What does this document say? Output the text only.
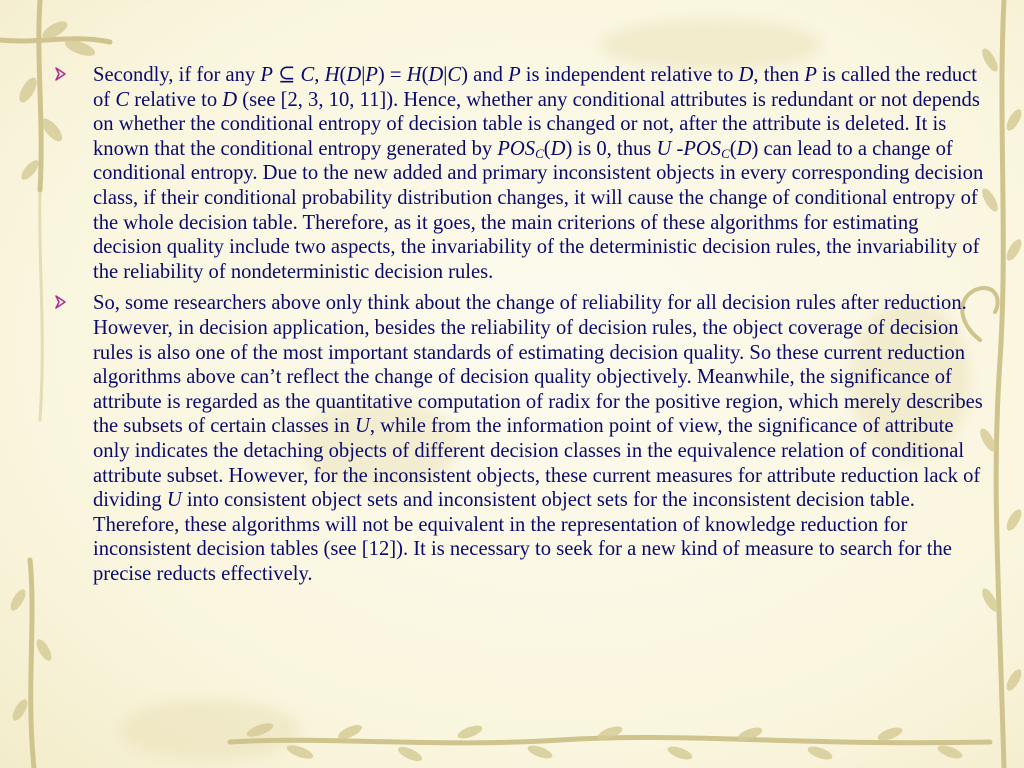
Secondly, if for any P ⊆ C, H(D|P) = H(D|C) and P is independent relative to D, then P is called the reduct of C relative to D (see [2, 3, 10, 11]). Hence, whether any conditional attributes is redundant or not depends on whether the conditional entropy of decision table is changed or not, after the attribute is deleted. It is known that the conditional entropy generated by $POS_C(D)$ is 0, thus U $-POS_C(D)$ can lead to a change of conditional entropy. Due to the new added and primary inconsistent objects in every corresponding decision class, if their conditional probability distribution changes, it will cause the change of conditional entropy of the whole decision table. Therefore, as it goes, the main criterions of these algorithms for estimating decision quality include two aspects, the invariability of the deterministic decision rules, the invariability of the reliability of nondeterministic decision rules.
So, some researchers above only think about the change of reliability for all decision rules after reduction. However, in decision application, besides the reliability of decision rules, the object coverage of decision rules is also one of the most important standards of estimating decision quality. So these current reduction algorithms above can’t reflect the change of decision quality objectively. Meanwhile, the significance of attribute is regarded as the quantitative computation of radix for the positive region, which merely describes the subsets of certain classes in U, while from the information point of view, the significance of attribute only indicates the detaching objects of different decision classes in the equivalence relation of conditional attribute subset. However, for the inconsistent objects, these current measures for attribute reduction lack of dividing U into consistent object sets and inconsistent object sets for the inconsistent decision table. Therefore, these algorithms will not be equivalent in the representation of knowledge reduction for inconsistent decision tables (see [12]). It is necessary to seek for a new kind of measure to search for the precise reducts effectively.
